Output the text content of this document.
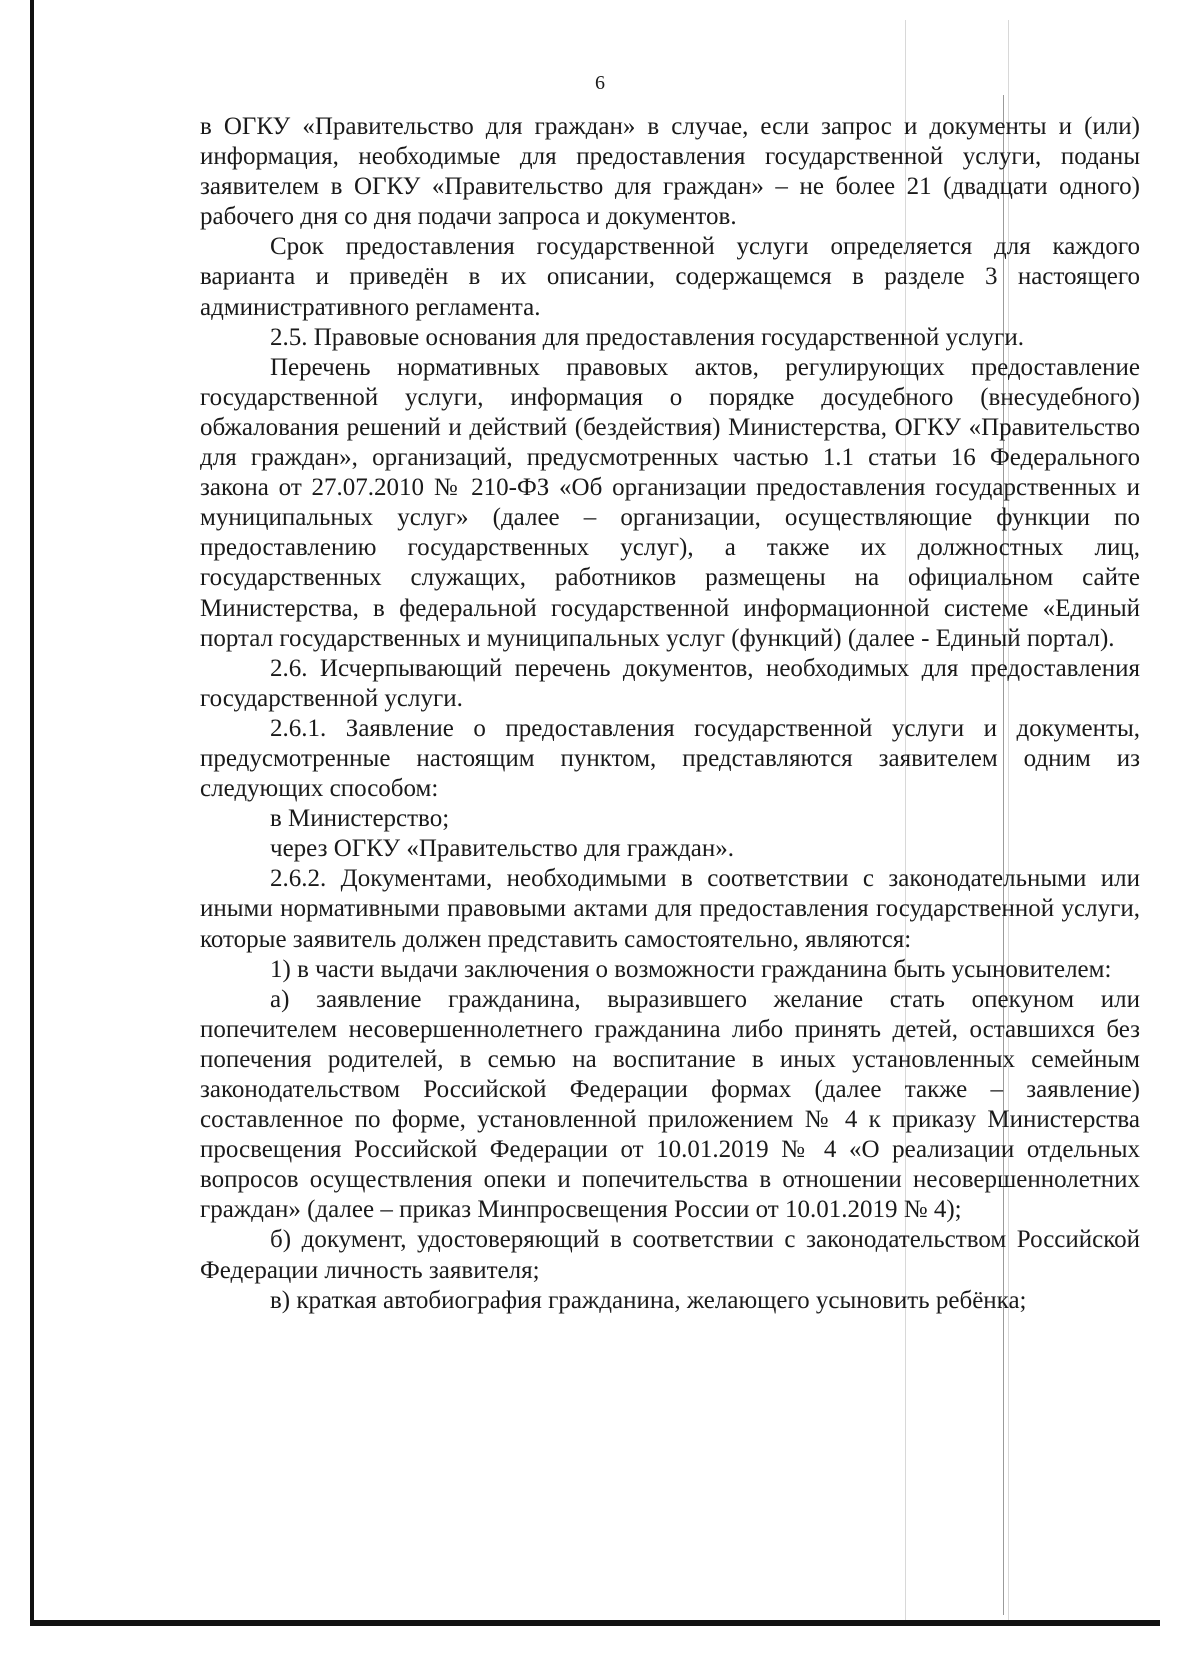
6

в ОГКУ «Правительство для граждан» в случае, если запрос и документы и (или) информация, необходимые для предоставления государственной услуги, поданы заявителем в ОГКУ «Правительство для граждан» – не более 21 (двадцати одного) рабочего дня со дня подачи запроса и документов.

Срок предоставления государственной услуги определяется для каждого варианта и приведён в их описании, содержащемся в разделе 3 настоящего административного регламента.

2.5. Правовые основания для предоставления государственной услуги.

Перечень нормативных правовых актов, регулирующих предоставление государственной услуги, информация о порядке досудебного (внесудебного) обжалования решений и действий (бездействия) Министерства, ОГКУ «Правительство для граждан», организаций, предусмотренных частью 1.1 статьи 16 Федерального закона от 27.07.2010 № 210-ФЗ «Об организации предоставления государственных и муниципальных услуг» (далее – организации, осуществляющие функции по предоставлению государственных услуг), а также их должностных лиц, государственных служащих, работников размещены на официальном сайте Министерства, в федеральной государственной информационной системе «Единый портал государственных и муниципальных услуг (функций) (далее - Единый портал).

2.6. Исчерпывающий перечень документов, необходимых для предоставления государственной услуги.

2.6.1. Заявление о предоставления государственной услуги и документы, предусмотренные настоящим пунктом, представляются заявителем одним из следующих способом:

в Министерство;

через ОГКУ «Правительство для граждан».

2.6.2. Документами, необходимыми в соответствии с законодательными или иными нормативными правовыми актами для предоставления государственной услуги, которые заявитель должен представить самостоятельно, являются:

1) в части выдачи заключения о возможности гражданина быть усыновителем:

а) заявление гражданина, выразившего желание стать опекуном или попечителем несовершеннолетнего гражданина либо принять детей, оставшихся без попечения родителей, в семью на воспитание в иных установленных семейным законодательством Российской Федерации формах (далее также – заявление) составленное по форме, установленной приложением № 4 к приказу Министерства просвещения Российской Федерации от 10.01.2019 № 4 «О реализации отдельных вопросов осуществления опеки и попечительства в отношении несовершеннолетних граждан» (далее – приказ Минпросвещения России от 10.01.2019 № 4);

б) документ, удостоверяющий в соответствии с законодательством Российской Федерации личность заявителя;

в) краткая автобиография гражданина, желающего усыновить ребёнка;
